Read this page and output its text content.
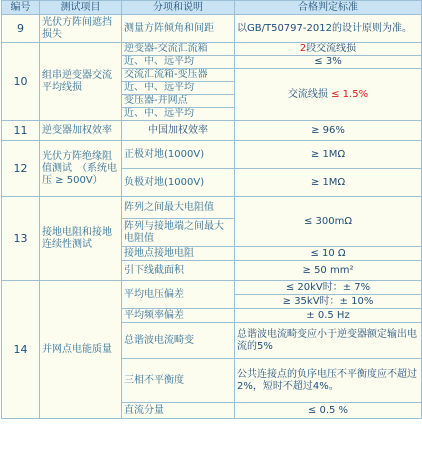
编号	测试项目	分项和说明	合格判定标准
9	光伏方阵间遮挡损失	测量方阵倾角和间距	以GB/T50797-2012的设计原则为准。
10	组串逆变器交流平均线损	逆变器-交流汇流箱	2段交流线损
		近、中、远平均	≤ 3%
		交流汇流箱-变压器	交流线损 ≤ 1.5%
		近、中、远平均	
		变压器-并网点	
		近、中、远平均	
11	逆变器加权效率	中国加权效率	≥ 96%
12	光伏方阵绝缘阻值测试　（系统电压 ≥ 500V）	正极对地(1000V)	≥ 1MΩ
		负极对地(1000V)	≥ 1MΩ
13	接地电阻和接地连续性测试	阵列之间最大电阻值	≤ 300mΩ
		阵列与接地端之间最大电阻值	
		接地点接地电阻	≤ 10 Ω
		引下线截面积	≥ 50 mm²
14	并网点电能质量	平均电压偏差	≤ 20kV时：± 7%
			≥ 35kV时：± 10%
		平均频率偏差	± 0.5 Hz
		总谐波电流畸变	总谐波电流畸变应小于逆变器额定输出电流的5%
		三相不平衡度	公共连接点的负序电压不平衡度应不超过2%，短时不超过4%。
		直流分量	≤ 0.5 %
